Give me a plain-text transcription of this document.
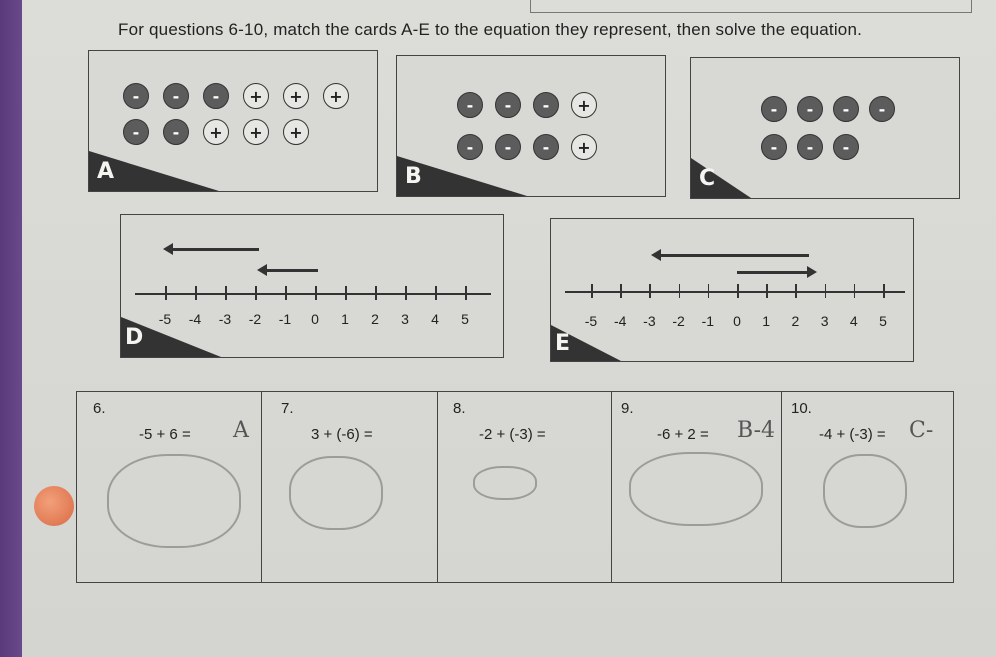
For questions 6-10, match the cards A-E to the equation they represent, then solve the equation.
-	-	-	+	+	+
-	-	+	+	+
A
-	-	-	+
-	-	-	+
B
-	-	-	-
-	-	-
C
-5	-4	-3	-2	-1	0	1	2	3	4	5
D
-5	-4	-3	-2	-1	0	1	2	3	4	5
E
6.
-5 + 6 = A
7.
3 + (-6) =
8.
-2 + (-3) =
9.
-6 + 2 = B-4
10.
-4 + (-3) = C-
